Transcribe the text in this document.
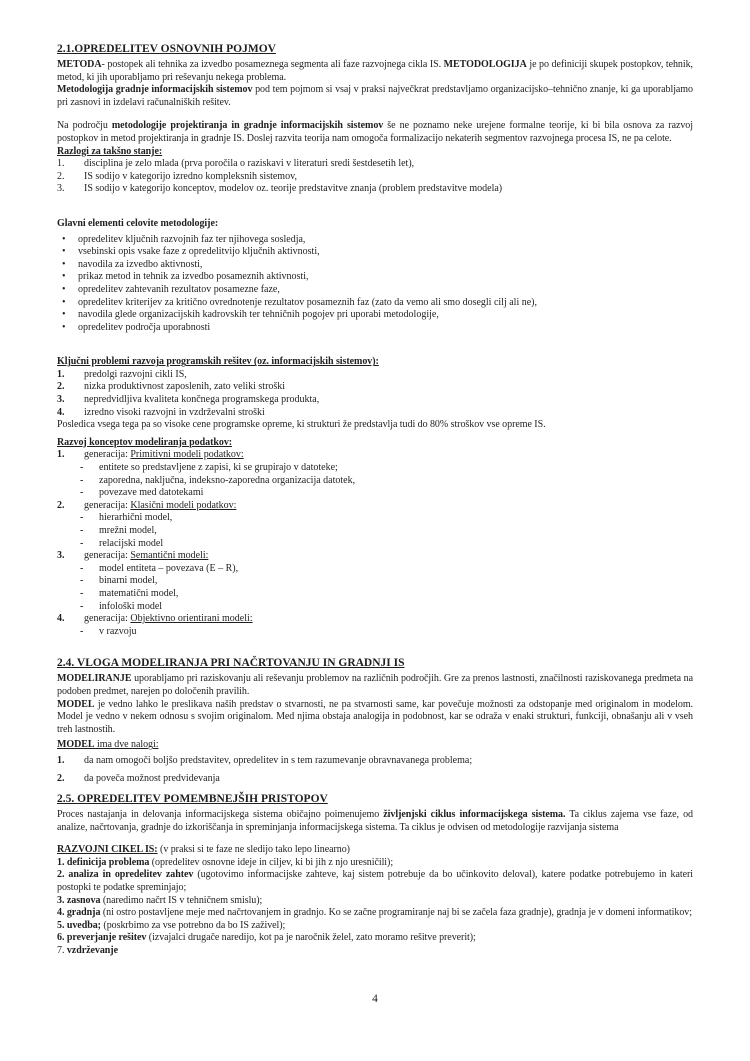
2.1.OPREDELITEV OSNOVNIH POJMOV
METODA- postopek ali tehnika za izvedbo posameznega segmenta ali faze razvojnega cikla IS. METODOLOGIJA je po definiciji skupek postopkov, tehnik, metod, ki jih uporabljamo pri reševanju nekega problema.
Metodologija gradnje informacijskih sistemov pod tem pojmom si vsaj v praksi največkrat predstavljamo organizacijsko–tehnično znanje, ki ga uporabljamo pri zasnovi in izdelavi računalniških rešitev.
Na področju metodologije projektiranja in gradnje informacijskih sistemov še ne poznamo neke urejene formalne teorije, ki bi bila osnova za razvoj postopkov in metod projektiranja in gradnje IS. Doslej razvita teorija nam omogoča formalizacijo nekaterih segmentov razvojnega procesa IS, ne pa celote.
Razlogi za takšno stanje:
1.	disciplina je zelo mlada (prva poročila o raziskavi v literaturi sredi šestdesetih let),
2.	IS sodijo v kategorijo izredno kompleksnih sistemov,
3.	IS sodijo v kategorijo konceptov, modelov oz. teorije predstavitve znanja (problem predstavitve modela)
Glavni elementi celovite metodologije:
•	opredelitev ključnih razvojnih faz ter njihovega sosledja,
•	vsebinski opis vsake faze z opredelitvijo ključnih aktivnosti,
•	navodila za izvedbo aktivnosti,
•	prikaz metod in tehnik za izvedbo posameznih aktivnosti,
•	opredelitev zahtevanih rezultatov posamezne faze,
•	opredelitev kriterijev za kritično ovrednotenje rezultatov posameznih faz (zato da vemo ali smo dosegli cilj ali ne),
•	navodila glede organizacijskih kadrovskih ter tehničnih pogojev pri uporabi metodologije,
•	opredelitev področja uporabnosti
Ključni problemi razvoja programskih rešitev (oz. informacijskih sistemov):
1.	predolgi razvojni cikli IS,
2.	nizka produktivnost zaposlenih, zato veliki stroški
3.	nepredvidljiva kvaliteta končnega programskega produkta,
4.	izredno visoki razvojni in vzdrževalni stroški
Posledica vsega tega pa so visoke cene programske opreme, ki strukturi že predstavlja tudi do 80% stroškov vse opreme IS.
Razvoj konceptov modeliranja podatkov:
1.	generacija: Primitivni modeli podatkov:
-	entitete so predstavljene z zapisi, ki se grupirajo v datoteke;
-	zaporedna, naključna, indeksno-zaporedna organizacija datotek,
-	povezave med datotekami
2.	generacija: Klasični modeli podatkov:
-	hierarhični model,
-	mrežni model,
-	relacijski model
3.	generacija: Semantični modeli:
-	model entiteta – povezava (E – R),
-	binarni model,
-	matematični model,
-	infološki model
4.	generacija: Objektivno orientirani modeli:
-	v razvoju
2.4. VLOGA MODELIRANJA PRI NAČRTOVANJU IN GRADNJI IS
MODELIRANJE uporabljamo pri raziskovanju ali reševanju problemov na različnih področjih. Gre za prenos lastnosti, značilnosti raziskovanega predmeta na podoben predmet, narejen po določenih pravilih.
MODEL je vedno lahko le preslikava naših predstav o stvarnosti, ne pa stvarnosti same, kar povečuje možnosti za odstopanje med originalom in modelom. Model je vedno v nekem odnosu s svojim originalom. Med njima obstaja analogija in podobnost, kar se odraža v enaki strukturi, funkciji, obnašanju ali v vseh treh lastnostih.
MODEL ima dve nalogi:
1.	da nam omogoči boljšo predstavitev, opredelitev in s tem razumevanje obravnavanega problema;
2.	da poveča možnost predvidevanja
2.5. OPREDELITEV POMEMBNEJŠIH PRISTOPOV
Proces nastajanja in delovanja informacijskega sistema običajno poimenujemo življenjski ciklus informacijskega sistema. Ta ciklus zajema vse faze, od analize, načrtovanja, gradnje do izkoriščanja in spreminjanja informacijskega sistema. Ta ciklus je odvisen od metodologije razvijanja sistema
RAZVOJNI CIKEL IS: (v praksi si te faze ne sledijo tako lepo linearno)
1. definicija problema (opredelitev osnovne ideje in ciljev, ki bi jih z njo uresničili);
2. analiza in opredelitev zahtev (ugotovimo informacijske zahteve, kaj sistem potrebuje da bo učinkovito deloval), katere podatke potrebujemo in kateri postopki te podatke spreminjajo;
3. zasnova (naredimo načrt IS v tehničnem smislu);
4. gradnja (ni ostro postavljene meje med načrtovanjem in gradnjo. Ko se začne programiranje naj bi se začela faza gradnje), gradnja je v domeni informatikov;
5. uvedba; (poskrbimo za vse potrebno da bo IS zaživel);
6. preverjanje rešitev (izvajalci drugače naredijo, kot pa je naročnik želel, zato moramo rešitve preverit);
7. vzdrževanje
4
